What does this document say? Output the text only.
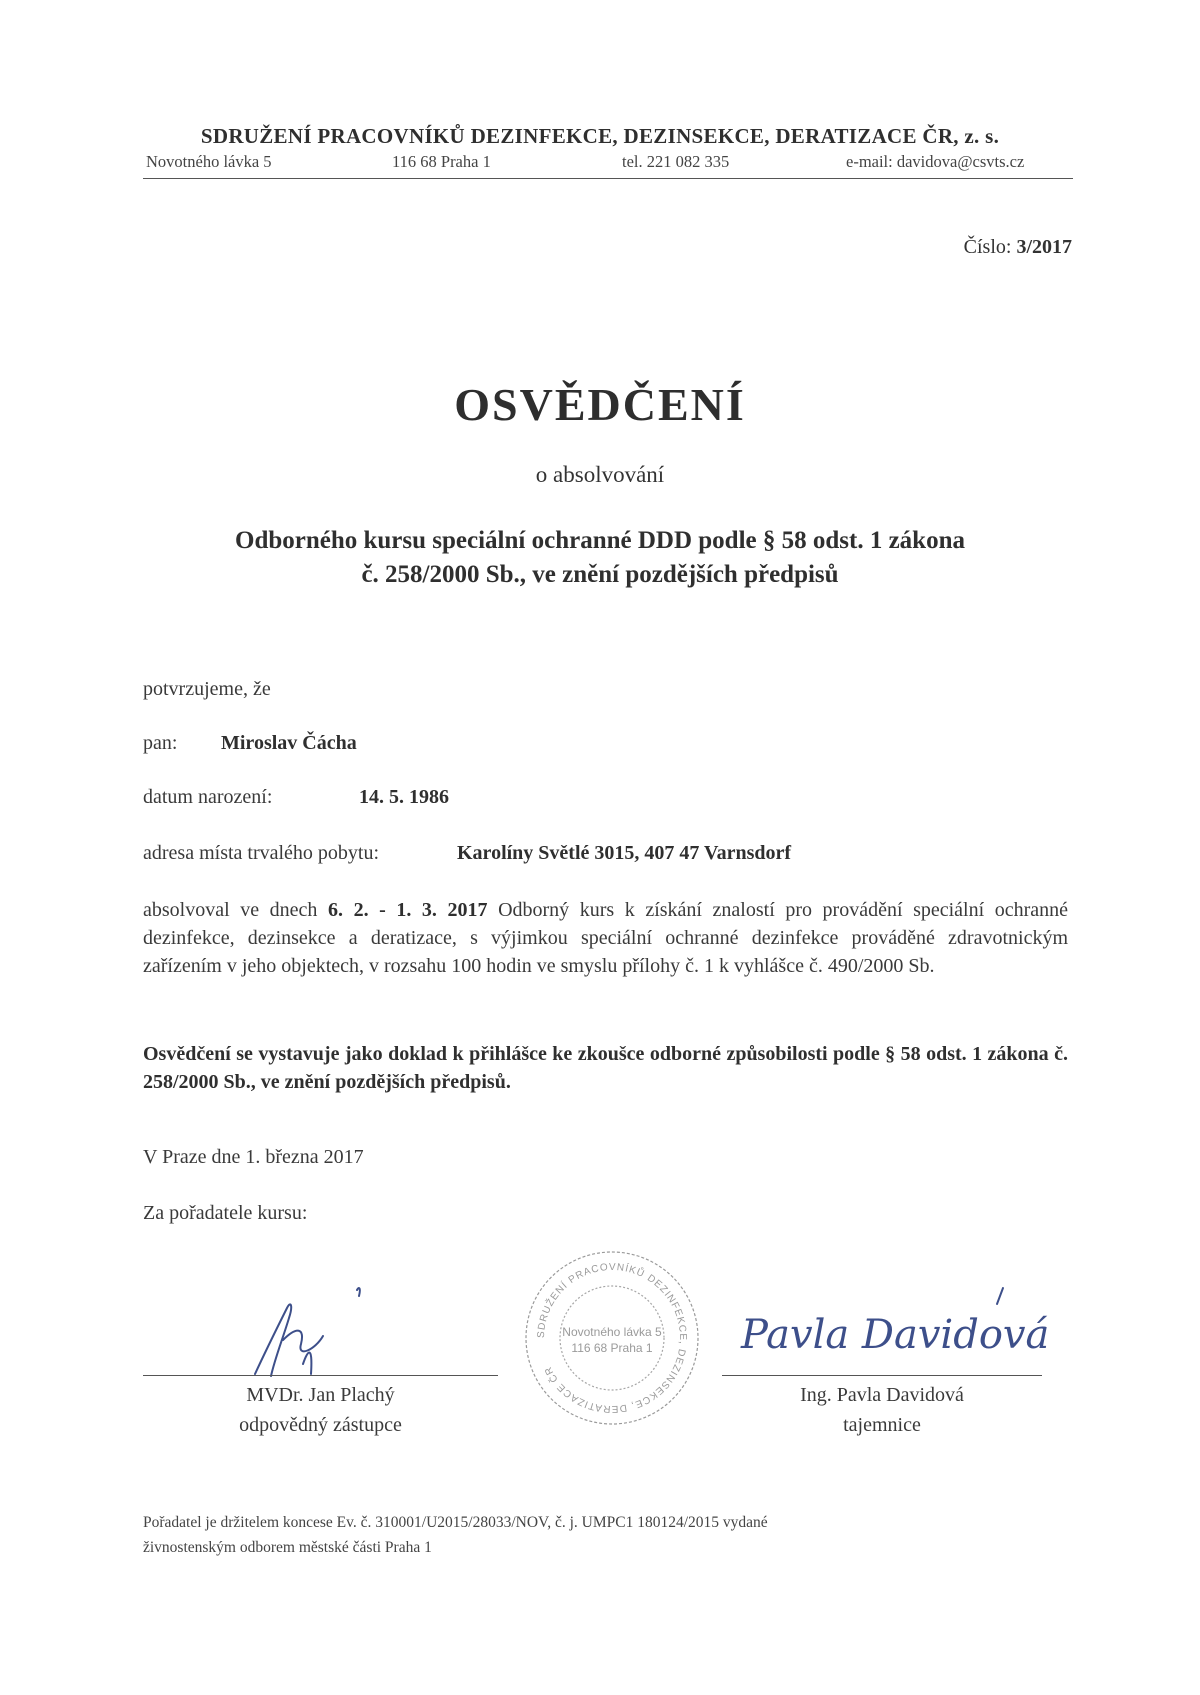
SDRUŽENÍ PRACOVNÍKŮ DEZINFEKCE, DEZINSEKCE, DERATIZACE ČR, z. s.
Novotného lávka 5	116 68 Praha 1	tel. 221 082 335	e-mail: davidova@csvts.cz
Číslo: 3/2017
OSVĚDČENÍ
o absolvování
Odborného kursu speciální ochranné DDD podle § 58 odst. 1 zákona
č. 258/2000 Sb., ve znění pozdějších předpisů
potvrzujeme, že
pan: Miroslav Čácha
datum narození:	14. 5. 1986
adresa místa trvalého pobytu:	Karolíny Světlé 3015, 407 47 Varnsdorf
absolvoval ve dnech 6. 2. - 1. 3. 2017 Odborný kurs k získání znalostí pro provádění speciální ochranné dezinfekce, dezinsekce a deratizace, s výjimkou speciální ochranné dezinfekce prováděné zdravotnickým zařízením v jeho objektech, v rozsahu 100 hodin ve smyslu přílohy č. 1 k vyhlášce č. 490/2000 Sb.
Osvědčení se vystavuje jako doklad k přihlášce ke zkoušce odborné způsobilosti podle § 58 odst. 1 zákona č. 258/2000 Sb., ve znění pozdějších předpisů.
V Praze dne 1. března 2017
Za pořadatele kursu:
MVDr. Jan Plachý
odpovědný zástupce
SDRUŽENÍ PRACOVNÍKŮ DEZINFEKCE, DEZINSEKCE, DERATIZACE ČR
Novotného lávka 5
116 68 Praha 1 Pavla Davidová
Ing. Pavla Davidová
tajemnice
Pořadatel je držitelem koncese Ev. č. 310001/U2015/28033/NOV, č. j. UMPC1 180124/2015 vydané
živnostenským odborem městské části Praha 1
